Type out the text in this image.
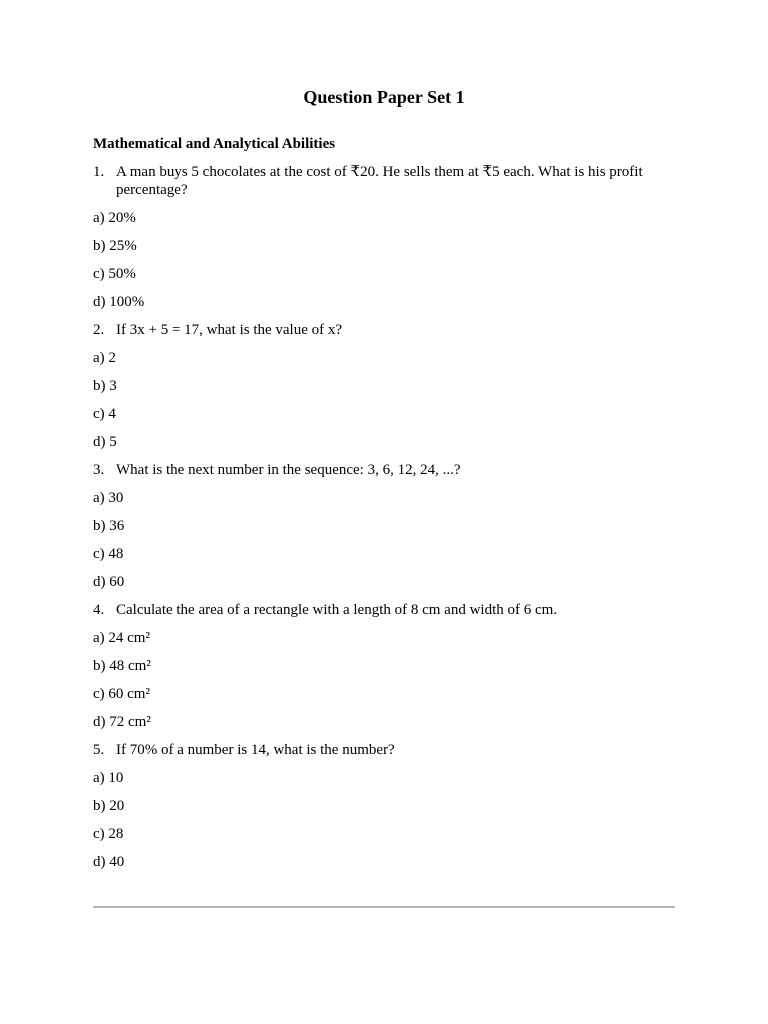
Question Paper Set 1
Mathematical and Analytical Abilities
1. A man buys 5 chocolates at the cost of ₹20. He sells them at ₹5 each. What is his profit percentage?
a) 20%
b) 25%
c) 50%
d) 100%
2. If 3x + 5 = 17, what is the value of x?
a) 2
b) 3
c) 4
d) 5
3. What is the next number in the sequence: 3, 6, 12, 24, ...?
a) 30
b) 36
c) 48
d) 60
4. Calculate the area of a rectangle with a length of 8 cm and width of 6 cm.
a) 24 cm²
b) 48 cm²
c) 60 cm²
d) 72 cm²
5. If 70% of a number is 14, what is the number?
a) 10
b) 20
c) 28
d) 40
